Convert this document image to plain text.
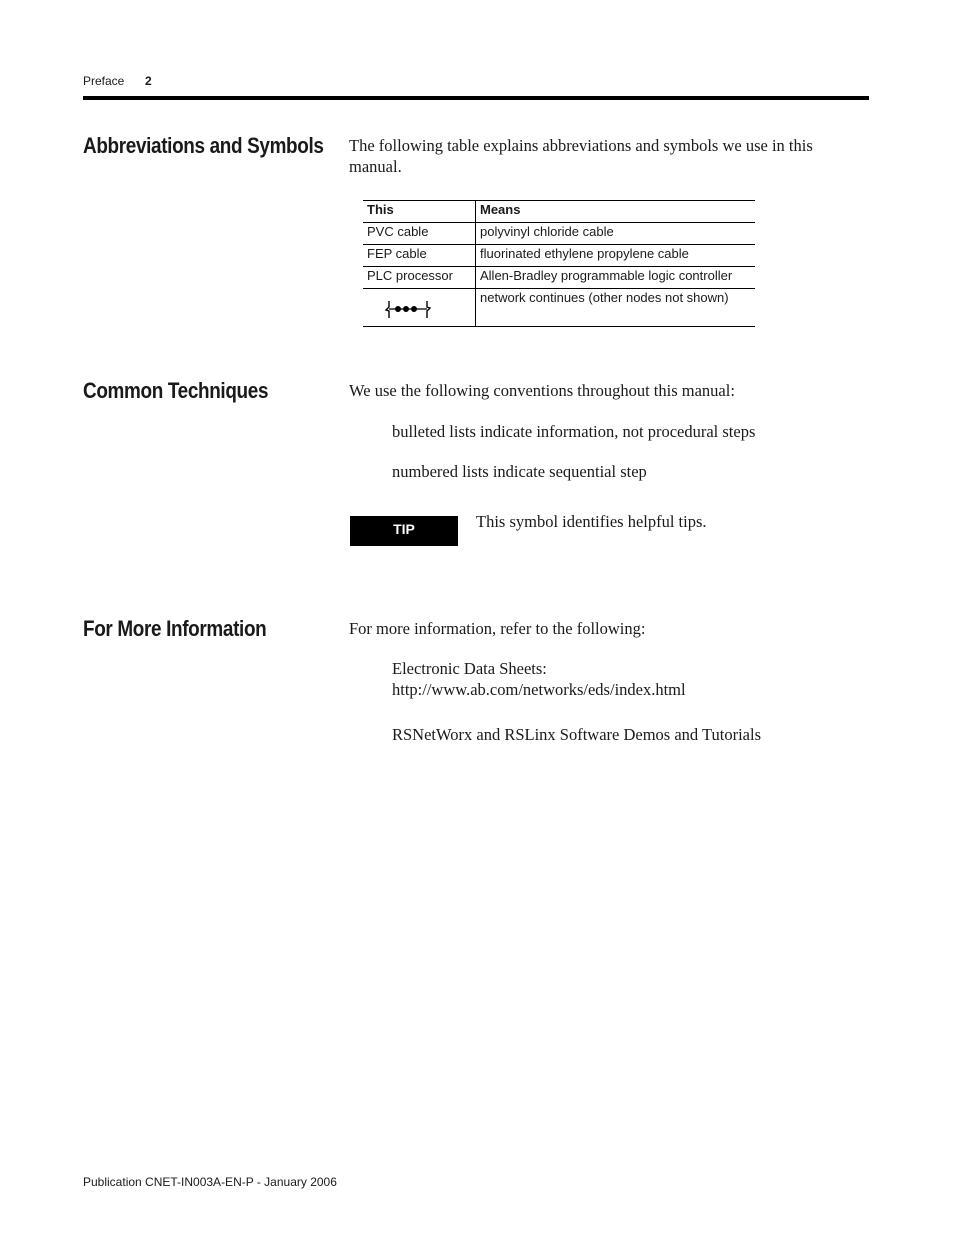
Preface 2
Abbreviations and Symbols The following table explains abbreviations and symbols we use in this
manual.
This	Means
PVC cable	polyvinyl chloride cable
FEP cable	fluorinated ethylene propylene cable
PLC processor	Allen-Bradley programmable logic controller

	network continues (other nodes not shown)
Common Techniques	We use the following conventions throughout this manual:
bulleted lists indicate information, not procedural steps
numbered lists indicate sequential step
TIP	This symbol identifies helpful tips.
For More Information	For more information, refer to the following:
Electronic Data Sheets:
http://www.ab.com/networks/eds/index.html
RSNetWorx and RSLinx Software Demos and Tutorials
Publication CNET-IN003A-EN-P - January 2006
